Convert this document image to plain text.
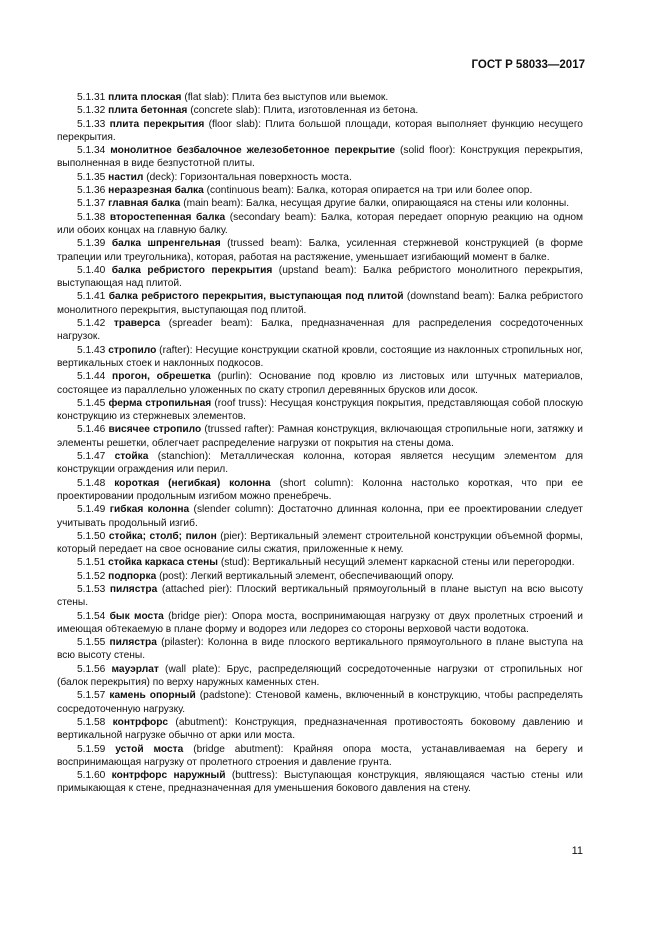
ГОСТ Р 58033—2017

5.1.31 плита плоская (flat slab): Плита без выступов или выемок.

5.1.32 плита бетонная (concrete slab): Плита, изготовленная из бетона.

5.1.33 плита перекрытия (floor slab): Плита большой площади, которая выполняет функцию несущего перекрытия.

5.1.34 монолитное безбалочное железобетонное перекрытие (solid floor): Конструкция перекрытия, выполненная в виде безпустотной плиты.

5.1.35 настил (deck): Горизонтальная поверхность моста.

5.1.36 неразрезная балка (continuous beam): Балка, которая опирается на три или более опор.

5.1.37 главная балка (main beam): Балка, несущая другие балки, опирающаяся на стены или колонны.

5.1.38 второстепенная балка (secondary beam): Балка, которая передает опорную реакцию на одном или обоих концах на главную балку.

5.1.39 балка шпренгельная (trussed beam): Балка, усиленная стержневой конструкцией (в форме трапеции или треугольника), которая, работая на растяжение, уменьшает изгибающий момент в балке.

5.1.40 балка ребристого перекрытия (upstand beam): Балка ребристого монолитного перекрытия, выступающая над плитой.

5.1.41 балка ребристого перекрытия, выступающая под плитой (downstand beam): Балка ребристого монолитного перекрытия, выступающая под плитой.

5.1.42 траверса (spreader beam): Балка, предназначенная для распределения сосредоточенных нагрузок.

5.1.43 стропило (rafter): Несущие конструкции скатной кровли, состоящие из наклонных стропильных ног, вертикальных стоек и наклонных подкосов.

5.1.44 прогон, обрешетка (purlin): Основание под кровлю из листовых или штучных материалов, состоящее из параллельно уложенных по скату стропил деревянных брусков или досок.

5.1.45 ферма стропильная (roof truss): Несущая конструкция покрытия, представляющая собой плоскую конструкцию из стержневых элементов.

5.1.46 висячее стропило (trussed rafter): Рамная конструкция, включающая стропильные ноги, затяжку и элементы решетки, облегчает распределение нагрузки от покрытия на стены дома.

5.1.47 стойка (stanchion): Металлическая колонна, которая является несущим элементом для конструкции ограждения или перил.

5.1.48 короткая (негибкая) колонна (short column): Колонна настолько короткая, что при ее проектировании продольным изгибом можно пренебречь.

5.1.49 гибкая колонна (slender column): Достаточно длинная колонна, при ее проектировании следует учитывать продольный изгиб.

5.1.50 стойка; столб; пилон (pier): Вертикальный элемент строительной конструкции объемной формы, который передает на свое основание силы сжатия, приложенные к нему.

5.1.51 стойка каркаса стены (stud): Вертикальный несущий элемент каркасной стены или перегородки.

5.1.52 подпорка (post): Легкий вертикальный элемент, обеспечивающий опору.

5.1.53 пилястра (attached pier): Плоский вертикальный прямоугольный в плане выступ на всю высоту стены.

5.1.54 бык моста (bridge pier): Опора моста, воспринимающая нагрузку от двух пролетных строений и имеющая обтекаемую в плане форму и водорез или ледорез со стороны верховой части водотока.

5.1.55 пилястра (pilaster): Колонна в виде плоского вертикального прямоугольного в плане выступа на всю высоту стены.

5.1.56 мауэрлат (wall plate): Брус, распределяющий сосредоточенные нагрузки от стропильных ног (балок перекрытия) по верху наружных каменных стен.

5.1.57 камень опорный (padstone): Стеновой камень, включенный в конструкцию, чтобы распределять сосредоточенную нагрузку.

5.1.58 контрфорс (abutment): Конструкция, предназначенная противостоять боковому давлению и вертикальной нагрузке обычно от арки или моста.

5.1.59 устой моста (bridge abutment): Крайняя опора моста, устанавливаемая на берегу и воспринимающая нагрузку от пролетного строения и давление грунта.

5.1.60 контрфорс наружный (buttress): Выступающая конструкция, являющаяся частью стены или примыкающая к стене, предназначенная для уменьшения бокового давления на стену.

11
